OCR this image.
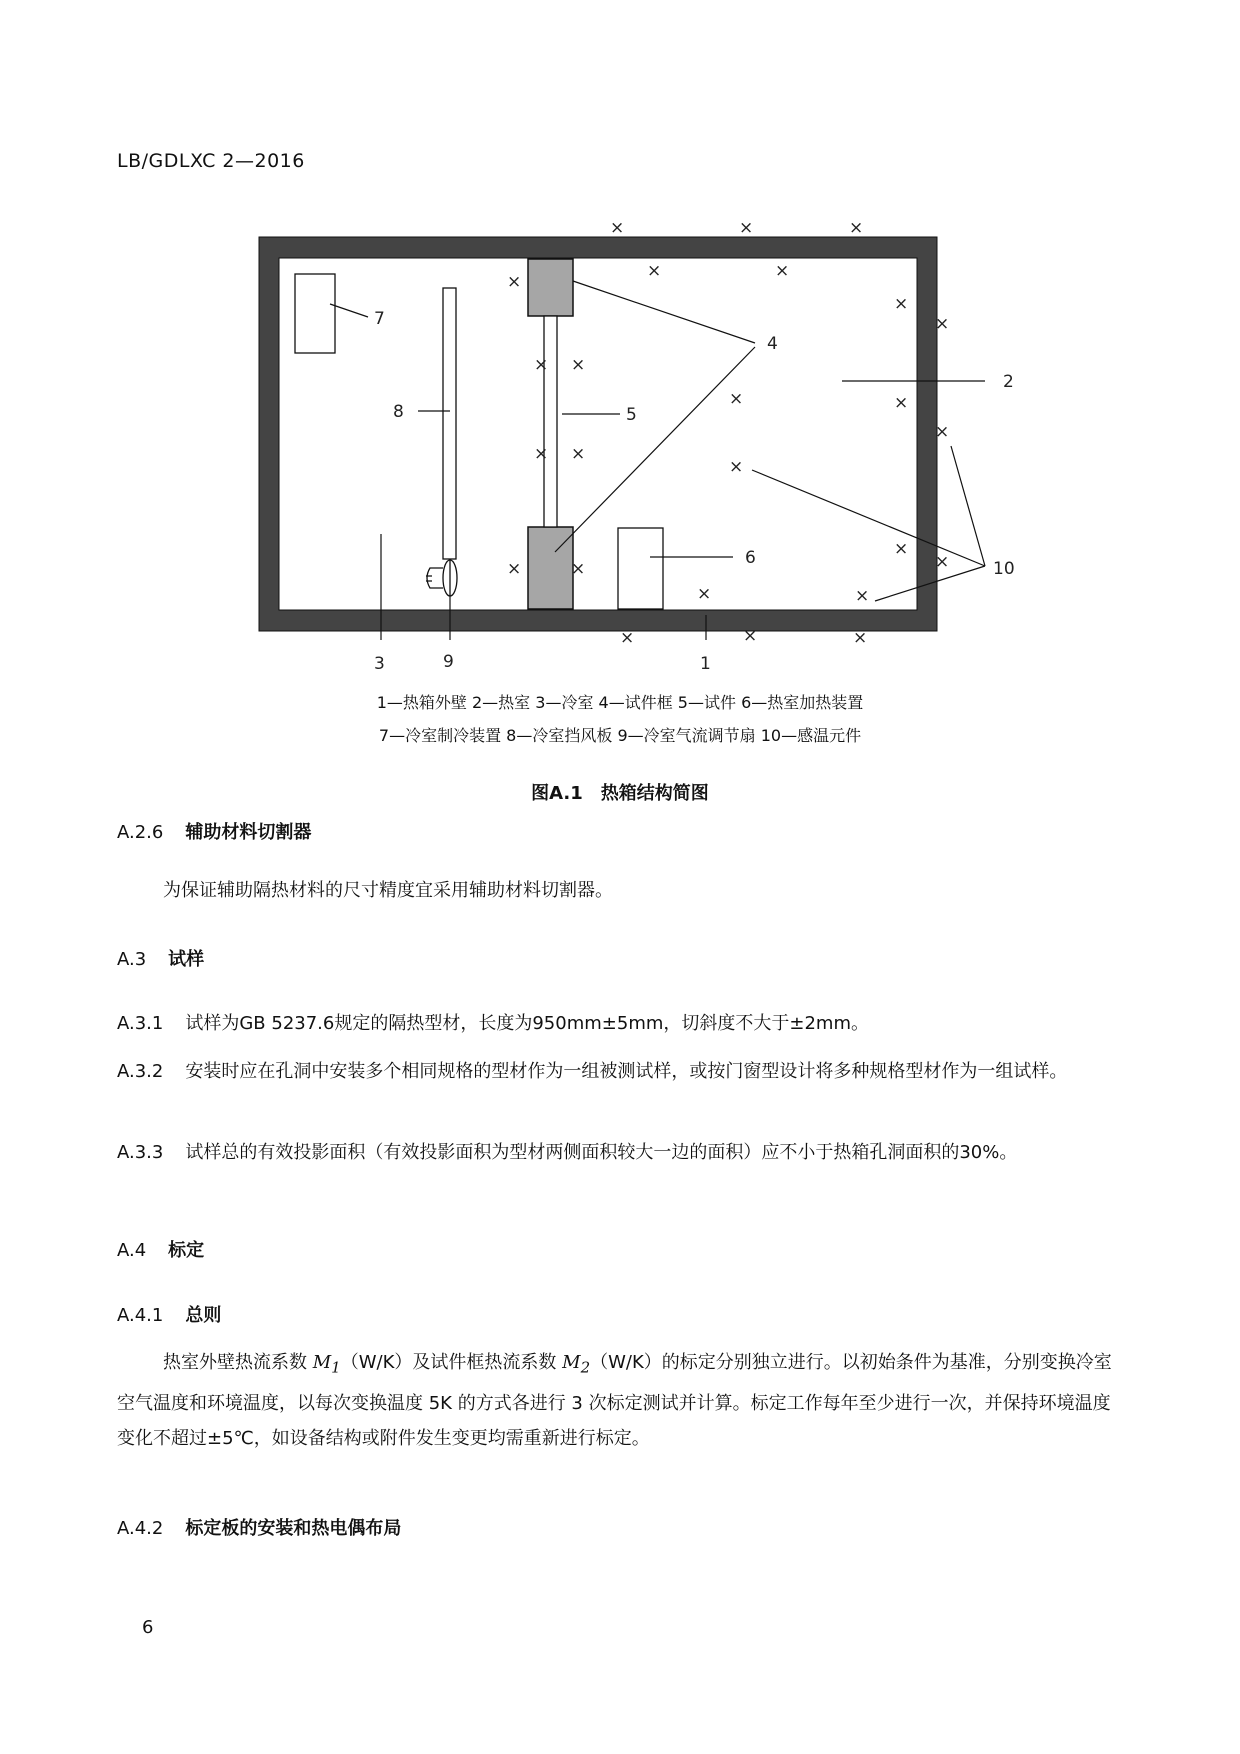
LB/GDLXC 2—2016
7
8	5
4
2
6
10
3	9	1
×	×	×
×
×	×
×
×
× ×
×	×
×
× ×
×
×
×
×	×
×	×
×	×	×
1—热箱外壁 2—热室 3—冷室 4—试件框 5—试件 6—热室加热装置
7—冷室制冷装置 8—冷室挡风板 9—冷室气流调节扇 10—感温元件
图A.1　热箱结构简图
A.2.6 辅助材料切割器
为保证辅助隔热材料的尺寸精度宜采用辅助材料切割器。
A.3 试样
A.3.1 试样为GB 5237.6规定的隔热型材，长度为950mm±5mm，切斜度不大于±2mm。
A.3.2 安装时应在孔洞中安装多个相同规格的型材作为一组被测试样，或按门窗型设计将多种规格型材作为一组试样。
A.3.3 试样总的有效投影面积（有效投影面积为型材两侧面积较大一边的面积）应不小于热箱孔洞面积的30%。
A.4 标定
A.4.1 总则
热室外壁热流系数 $M_1(W/K)$及试件框热流系数 $M_2(W/K)$的标定分别独立进行。以初始条件为基准，分别变换冷室空气温度和环境温度，以每次变换温度 5K 的方式各进行 3 次标定测试并计算。标定工作每年至少进行一次，并保持环境温度变化不超过±5℃，如设备结构或附件发生变更均需重新进行标定。
A.4.2 标定板的安装和热电偶布局
6
